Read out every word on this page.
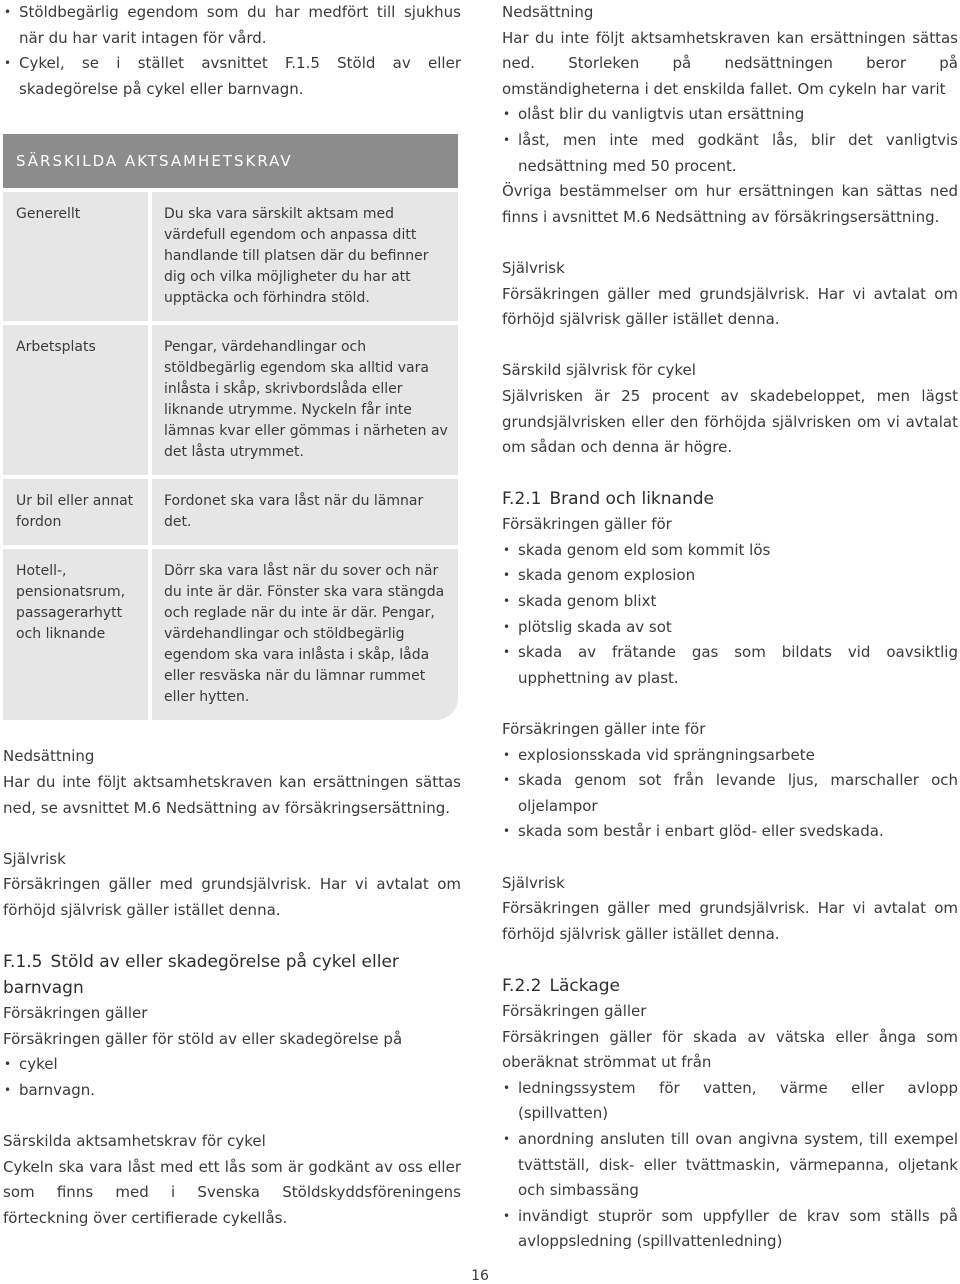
• Stöldbegärlig egendom som du har medfört till sjukhus när du har varit intagen för vård.
• Cykel, se i stället avsnittet F.1.5 Stöld av eller skadegörelse på cykel eller barnvagn.
SÄRSKILDA AKTSAMHETSKRAV
Generellt	Du ska vara särskilt aktsam med värdefull egendom och anpassa ditt handlande till platsen där du befinner dig och vilka möjligheter du har att upptäcka och förhindra stöld.
Arbetsplats	Pengar, värdehandlingar och stöldbegärlig egendom ska alltid vara inlåsta i skåp, skrivbordslåda eller liknande utrymme. Nyckeln får inte lämnas kvar eller gömmas i närheten av det låsta utrymmet.
Ur bil eller annat fordon
Fordonet ska vara låst när du lämnar det.
Hotell-, pensionatsrum, passagerarhytt och liknande
Dörr ska vara låst när du sover och när du inte är där. Fönster ska vara stängda och reglade när du inte är där. Pengar, värdehandlingar och stöldbegärlig egendom ska vara inlåsta i skåp, låda eller resväska när du lämnar rummet eller hytten.

Nedsättning

Har du inte följt aktsamhetskraven kan ersättningen sättas ned, se avsnittet M.6 Nedsättning av försäkringsersättning.

Självrisk

Försäkringen gäller med grundsjälvrisk. Har vi avtalat om förhöjd självrisk gäller istället denna.

F.1.5 Stöld av eller skadegörelse på cykel eller barnvagn

Försäkringen gäller

Försäkringen gäller för stöld av eller skadegörelse på

• cykel
• barnvagn.

Särskilda aktsamhetskrav för cykel

Cykeln ska vara låst med ett lås som är godkänt av oss eller som finns med i Svenska Stöldskyddsföreningens förteckning över certifierade cykellås.

Nedsättning

Har du inte följt aktsamhetskraven kan ersättningen sättas ned. Storleken på nedsättningen beror på omständigheterna i det enskilda fallet. Om cykeln har varit

• olåst blir du vanligtvis utan ersättning
• låst, men inte med godkänt lås, blir det vanligtvis nedsättning med 50 procent.

Övriga bestämmelser om hur ersättningen kan sättas ned finns i avsnittet M.6 Nedsättning av försäkringsersättning.

Självrisk

Försäkringen gäller med grundsjälvrisk. Har vi avtalat om förhöjd självrisk gäller istället denna.

Särskild självrisk för cykel

Självrisken är 25 procent av skadebeloppet, men lägst grundsjälvrisken eller den förhöjda självrisken om vi avtalat om sådan och denna är högre.

F.2.1 Brand och liknande

Försäkringen gäller för

• skada genom eld som kommit lös
• skada genom explosion
• skada genom blixt
• plötslig skada av sot
• skada av frätande gas som bildats vid oavsiktlig upphettning av plast.

Försäkringen gäller inte för

• explosionsskada vid sprängningsarbete
• skada genom sot från levande ljus, marschaller och oljelampor
• skada som består i enbart glöd- eller svedskada.

Självrisk

Försäkringen gäller med grundsjälvrisk. Har vi avtalat om förhöjd självrisk gäller istället denna.

F.2.2 Läckage

Försäkringen gäller

Försäkringen gäller för skada av vätska eller ånga som oberäknat strömmat ut från

• ledningssystem för vatten, värme eller avlopp (spillvatten)
• anordning ansluten till ovan angivna system, till exempel tvättställ, disk- eller tvättmaskin, värmepanna, oljetank och simbassäng
• invändigt stuprör som uppfyller de krav som ställs på avloppsledning (spillvattenledning)
16
